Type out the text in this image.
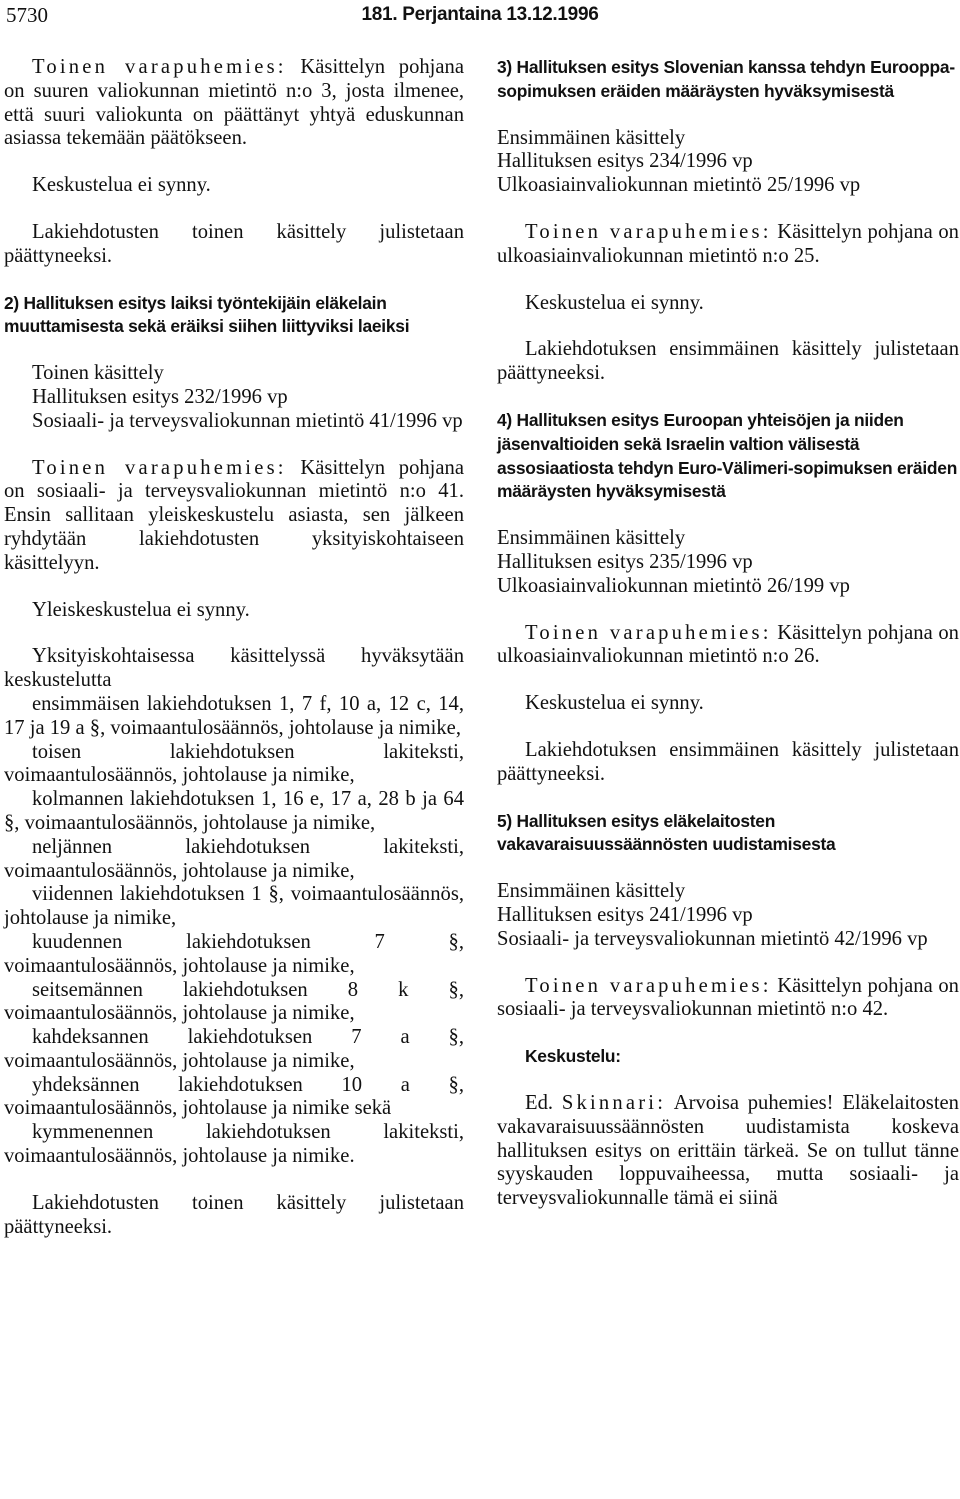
5730	181. Perjantaina 13.12.1996

Toinen varapuhemies: Käsittelyn pohjana on suuren valiokunnan mietintö n:o 3, josta ilmenee, että suuri valiokunta on päättänyt yhtyä eduskunnan asiassa tekemään päätökseen.

Keskustelua ei synny.

Lakiehdotusten toinen käsittely julistetaan päättyneeksi.

2) Hallituksen esitys laiksi työntekijäin eläkelain muuttamisesta sekä eräiksi siihen liittyviksi laeiksi

Toinen käsittely
Hallituksen esitys 232/1996 vp

Sosiaali- ja terveysvaliokunnan mietintö 41/1996 vp

Toinen varapuhemies: Käsittelyn pohjana on sosiaali- ja terveysvaliokunnan mietintö n:o 41. Ensin sallitaan yleiskeskustelu asiasta, sen jälkeen ryhdytään lakiehdotusten yksityiskohtaiseen käsittelyyn.

Yleiskeskustelua ei synny.

Yksityiskohtaisessa käsittelyssä hyväksytään keskustelutta

ensimmäisen lakiehdotuksen 1, 7 f, 10 a, 12 c, 14, 17 ja 19 a §, voimaantulosäännös, johtolause ja nimike,

toisen lakiehdotuksen lakiteksti, voimaantulosäännös, johtolause ja nimike,

kolmannen lakiehdotuksen 1, 16 e, 17 a, 28 b ja 64 §, voimaantulosäännös, johtolause ja nimike,

neljännen lakiehdotuksen lakiteksti, voimaantulosäännös, johtolause ja nimike,

viidennen lakiehdotuksen 1 §, voimaantulosäännös, johtolause ja nimike,

kuudennen lakiehdotuksen 7 §, voimaantulosäännös, johtolause ja nimike,

seitsemännen lakiehdotuksen 8 k §, voimaantulosäännös, johtolause ja nimike,

kahdeksannen lakiehdotuksen 7 a §, voimaantulosäännös, johtolause ja nimike,

yhdeksännen lakiehdotuksen 10 a §, voimaantulosäännös, johtolause ja nimike sekä

kymmenennen lakiehdotuksen lakiteksti, voimaantulosäännös, johtolause ja nimike.

Lakiehdotusten toinen käsittely julistetaan päättyneeksi.

3) Hallituksen esitys Slovenian kanssa tehdyn Eurooppa-sopimuksen eräiden määräysten hyväksymisestä

Ensimmäinen käsittely
Hallituksen esitys 234/1996 vp
Ulkoasiainvaliokunnan mietintö 25/1996 vp

Toinen varapuhemies: Käsittelyn pohjana on ulkoasiainvaliokunnan mietintö n:o 25.

Keskustelua ei synny.

Lakiehdotuksen ensimmäinen käsittely julistetaan päättyneeksi.

4) Hallituksen esitys Euroopan yhteisöjen ja niiden jäsenvaltioiden sekä Israelin valtion välisestä assosiaatiosta tehdyn Euro-Välimeri-sopimuksen eräiden määräysten hyväksymisestä

Ensimmäinen käsittely
Hallituksen esitys 235/1996 vp
Ulkoasiainvaliokunnan mietintö 26/199 vp

Toinen varapuhemies: Käsittelyn pohjana on ulkoasiainvaliokunnan mietintö n:o 26.

Keskustelua ei synny.

Lakiehdotuksen ensimmäinen käsittely julistetaan päättyneeksi.

5) Hallituksen esitys eläkelaitosten vakavaraisuussäännösten uudistamisesta

Ensimmäinen käsittely
Hallituksen esitys 241/1996 vp

Sosiaali- ja terveysvaliokunnan mietintö 42/1996 vp

Toinen varapuhemies: Käsittelyn pohjana on sosiaali- ja terveysvaliokunnan mietintö n:o 42.

Keskustelu:

Ed. Skinnari: Arvoisa puhemies! Eläkelaitosten vakavaraisuussäännösten uudistamista koskeva hallituksen esitys on erittäin tärkeä. Se on tullut tänne syyskauden loppuvaiheessa, mutta sosiaali- ja terveysvaliokunnalle tämä ei siinä
